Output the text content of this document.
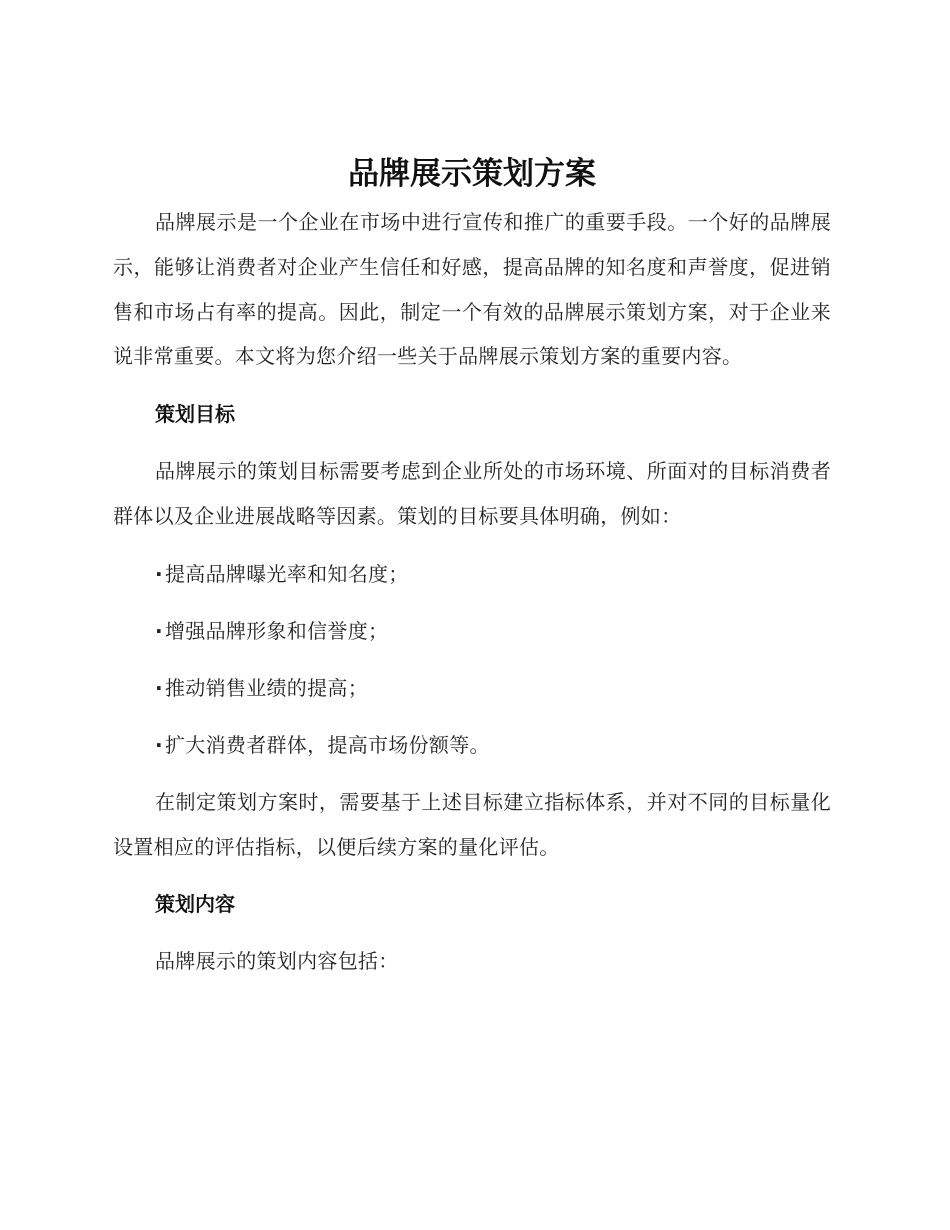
品牌展示策划方案

品牌展示是一个企业在市场中进行宣传和推广的重要手段。一个好的品牌展示，能够让消费者对企业产生信任和好感，提高品牌的知名度和声誉度，促进销售和市场占有率的提高。因此，制定一个有效的品牌展示策划方案，对于企业来说非常重要。本文将为您介绍一些关于品牌展示策划方案的重要内容。

策划目标

品牌展示的策划目标需要考虑到企业所处的市场环境、所面对的目标消费者群体以及企业进展战略等因素。策划的目标要具体明确，例如：

· 提高品牌曝光率和知名度；
· 增强品牌形象和信誉度；
· 推动销售业绩的提高；
· 扩大消费者群体，提高市场份额等。

在制定策划方案时，需要基于上述目标建立指标体系，并对不同的目标量化设置相应的评估指标，以便后续方案的量化评估。

策划内容

品牌展示的策划内容包括：
